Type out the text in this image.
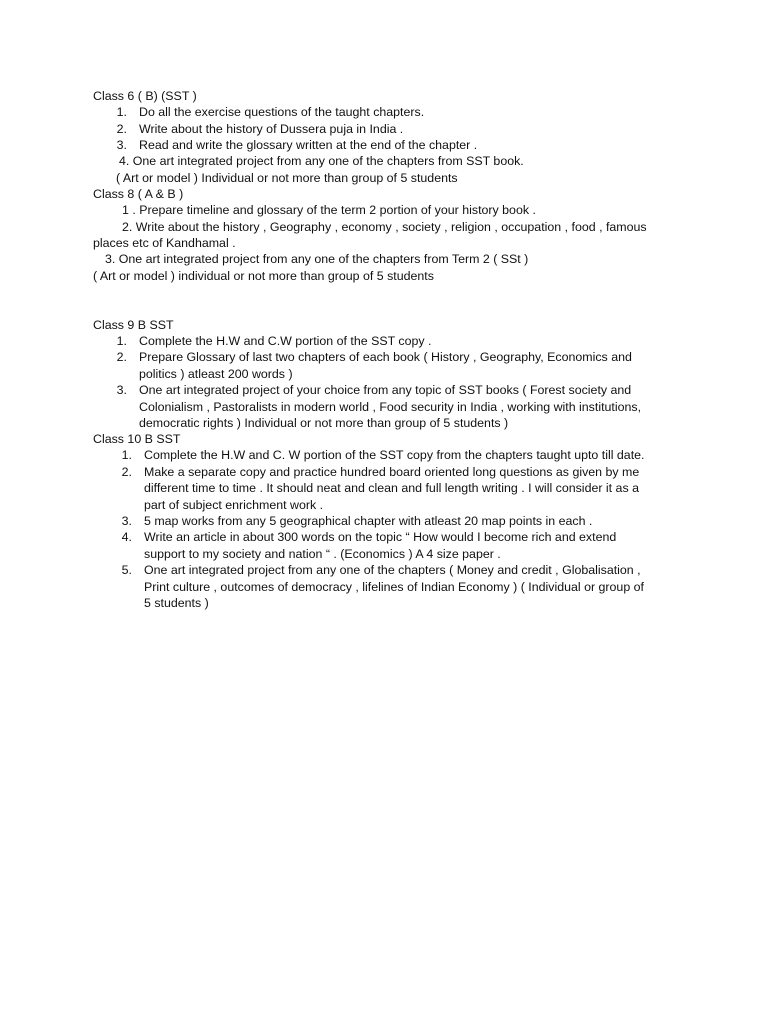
Class 6 ( B) (SST )
1. Do all the exercise questions of the taught chapters.
2. Write about the history of Dussera puja in India .
3. Read and write the glossary written at the end of the chapter .
4. One art integrated project from any one of the chapters from SST book.
( Art or model ) Individual or not more than group of 5 students
Class 8 ( A & B )
1 . Prepare timeline and glossary of the term 2 portion of your history book .
2. Write about the history , Geography , economy , society , religion , occupation , food , famous
places etc of Kandhamal .
3. One art integrated project from any one of the chapters from Term 2 ( SSt )
( Art or model ) individual or not more than group of 5 students
Class 9 B SST
1. Complete the H.W and C.W portion of the SST copy .
2. Prepare Glossary of last two chapters of each book ( History , Geography, Economics and
politics ) atleast 200 words )
3. One art integrated project of your choice from any topic of SST books ( Forest society and
Colonialism , Pastoralists in modern world , Food security in India , working with institutions,
democratic rights ) Individual or not more than group of 5 students )
Class 10 B SST
1. Complete the H.W and C. W portion of the SST copy from the chapters taught upto till date.
2. Make a separate copy and practice hundred board oriented long questions as given by me
different time to time . It should neat and clean and full length writing . I will consider it as a
part of subject enrichment work .
3. 5 map works from any 5 geographical chapter with atleast 20 map points in each .
4. Write an article in about 300 words on the topic “ How would I become rich and extend
support to my society and nation “ . (Economics ) A 4 size paper .
5. One art integrated project from any one of the chapters ( Money and credit , Globalisation ,
Print culture , outcomes of democracy , lifelines of Indian Economy ) ( Individual or group of
5 students )
